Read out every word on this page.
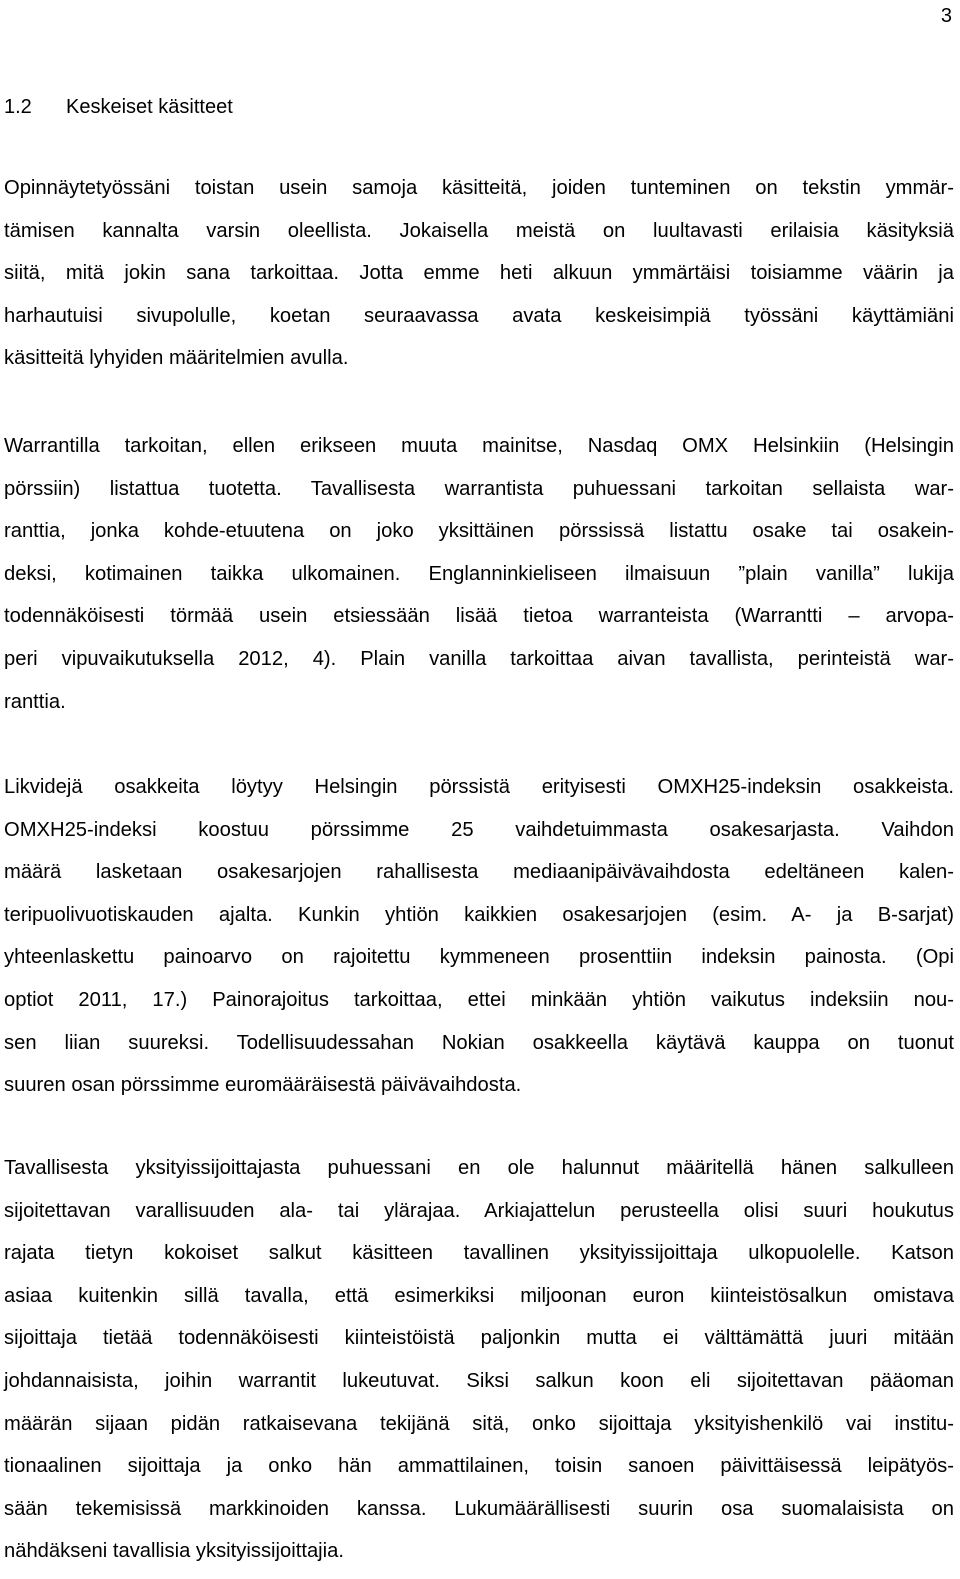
3
1.2 Keskeiset käsitteet
Opinnäytetyössäni toistan usein samoja käsitteitä, joiden tunteminen on tekstin ymmär-
tämisen kannalta varsin oleellista. Jokaisella meistä on luultavasti erilaisia käsityksiä
siitä, mitä jokin sana tarkoittaa. Jotta emme heti alkuun ymmärtäisi toisiamme väärin ja
harhautuisi sivupolulle, koetan seuraavassa avata keskeisimpiä työssäni käyttämiäni
käsitteitä lyhyiden määritelmien avulla.
Warrantilla tarkoitan, ellen erikseen muuta mainitse, Nasdaq OMX Helsinkiin (Helsingin
pörssiin) listattua tuotetta. Tavallisesta warrantista puhuessani tarkoitan sellaista war-
ranttia, jonka kohde-etuutena on joko yksittäinen pörssissä listattu osake tai osakein-
deksi, kotimainen taikka ulkomainen. Englanninkieliseen ilmaisuun ”plain vanilla” lukija
todennäköisesti törmää usein etsiessään lisää tietoa warranteista (Warrantti – arvopa-
peri vipuvaikutuksella 2012, 4). Plain vanilla tarkoittaa aivan tavallista, perinteistä war-
ranttia.
Likvidejä osakkeita löytyy Helsingin pörssistä erityisesti OMXH25-indeksin osakkeista.
OMXH25-indeksi koostuu pörssimme 25 vaihdetuimmasta osakesarjasta. Vaihdon
määrä lasketaan osakesarjojen rahallisesta mediaanipäivävaihdosta edeltäneen kalen-
teripuolivuotiskauden ajalta. Kunkin yhtiön kaikkien osakesarjojen (esim. A- ja B-sarjat)
yhteenlaskettu painoarvo on rajoitettu kymmeneen prosenttiin indeksin painosta. (Opi
optiot 2011, 17.) Painorajoitus tarkoittaa, ettei minkään yhtiön vaikutus indeksiin nou-
sen liian suureksi. Todellisuudessahan Nokian osakkeella käytävä kauppa on tuonut
suuren osan pörssimme euromääräisestä päivävaihdosta.
Tavallisesta yksityissijoittajasta puhuessani en ole halunnut määritellä hänen salkulleen
sijoitettavan varallisuuden ala- tai ylärajaa. Arkiajattelun perusteella olisi suuri houkutus
rajata tietyn kokoiset salkut käsitteen tavallinen yksityissijoittaja ulkopuolelle. Katson
asiaa kuitenkin sillä tavalla, että esimerkiksi miljoonan euron kiinteistösalkun omistava
sijoittaja tietää todennäköisesti kiinteistöistä paljonkin mutta ei välttämättä juuri mitään
johdannaisista, joihin warrantit lukeutuvat. Siksi salkun koon eli sijoitettavan pääoman
määrän sijaan pidän ratkaisevana tekijänä sitä, onko sijoittaja yksityishenkilö vai institu-
tionaalinen sijoittaja ja onko hän ammattilainen, toisin sanoen päivittäisessä leipätyös-
sään tekemisissä markkinoiden kanssa. Lukumäärällisesti suurin osa suomalaisista on
nähdäkseni tavallisia yksityissijoittajia.
